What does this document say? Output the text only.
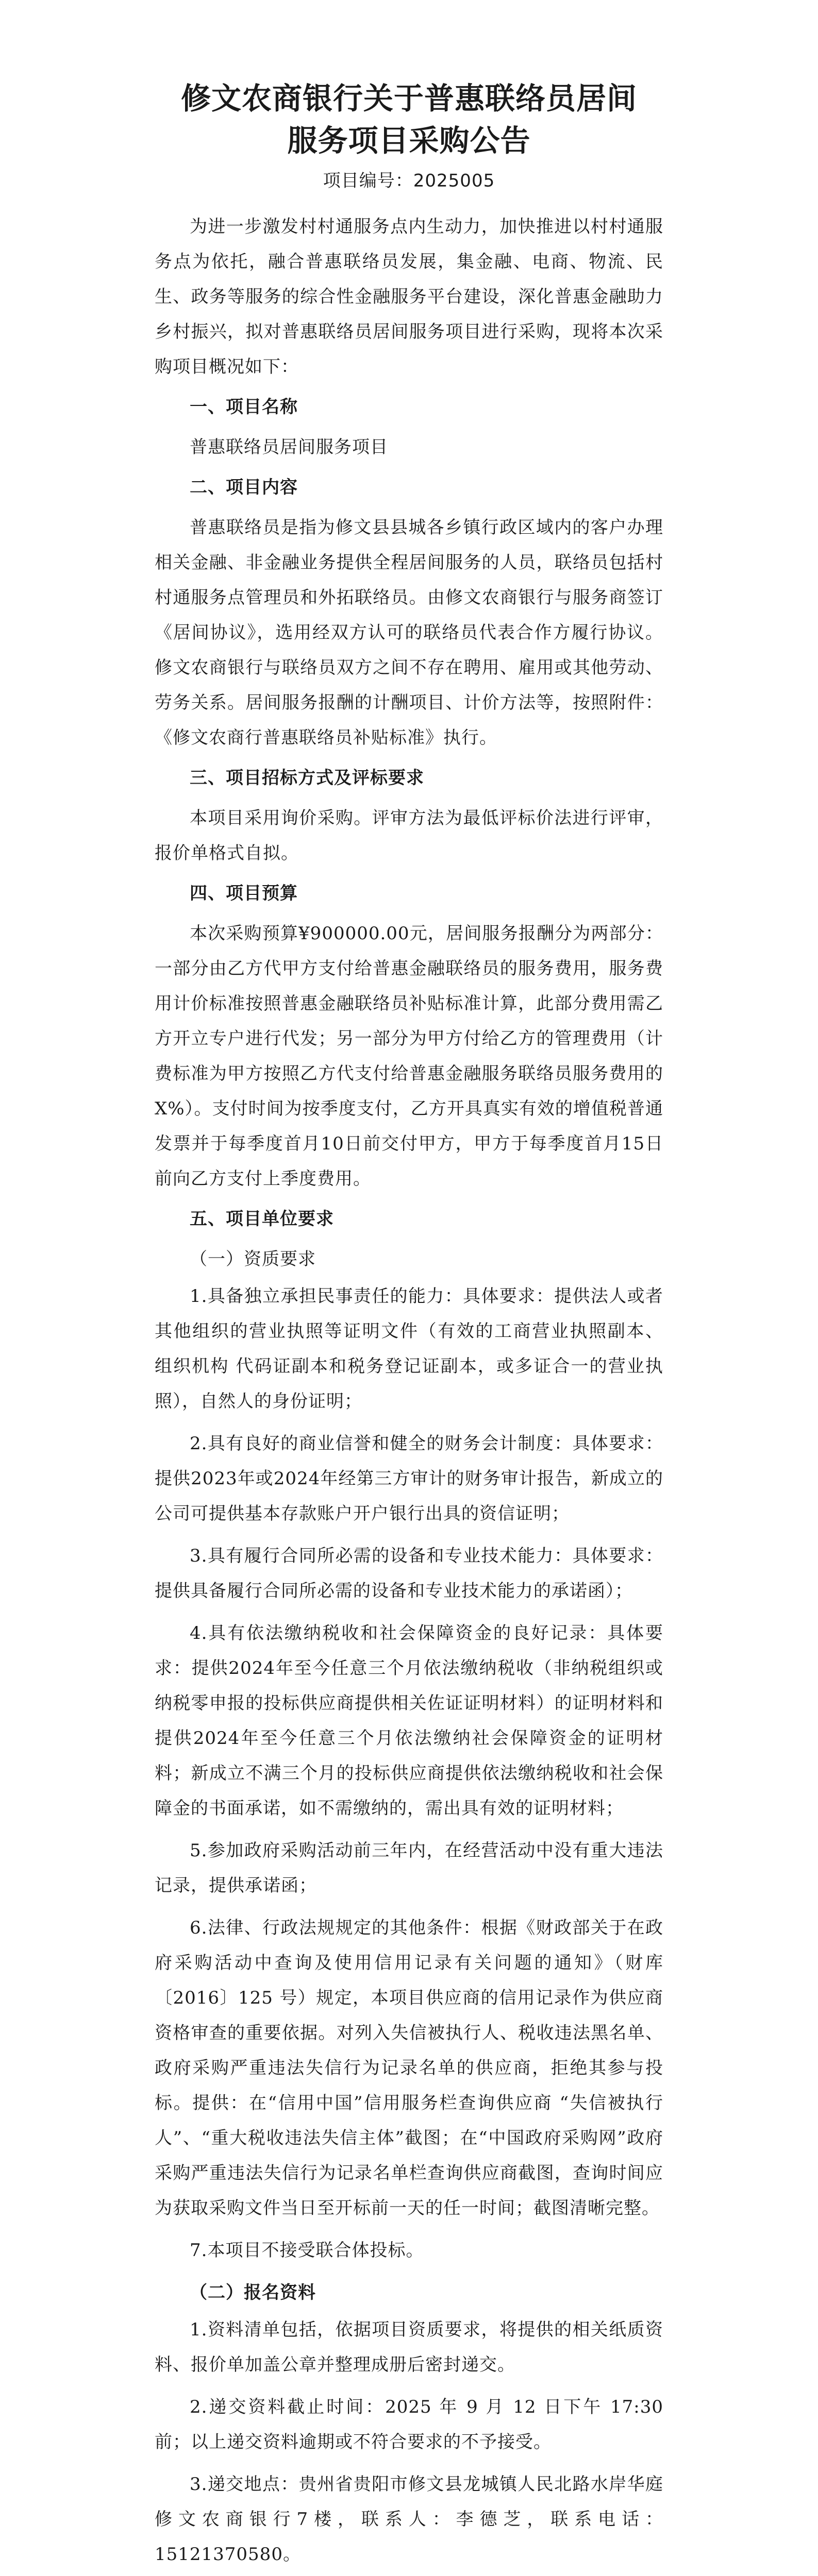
修文农商银行关于普惠联络员居间
服务项目采购公告
项目编号：2025005

为进一步激发村村通服务点内生动力，加快推进以村村通服务点为依托，融合普惠联络员发展，集金融、电商、物流、民生、政务等服务的综合性金融服务平台建设，深化普惠金融助力乡村振兴，拟对普惠联络员居间服务项目进行采购，现将本次采购项目概况如下：

一、项目名称

普惠联络员居间服务项目

二、项目内容

普惠联络员是指为修文县县城各乡镇行政区域内的客户办理相关金融、非金融业务提供全程居间服务的人员，联络员包括村村通服务点管理员和外拓联络员。由修文农商银行与服务商签订《居间协议》，选用经双方认可的联络员代表合作方履行协议。修文农商银行与联络员双方之间不存在聘用、雇用或其他劳动、劳务关系。居间服务报酬的计酬项目、计价方法等，按照附件：《修文农商行普惠联络员补贴标准》执行。

三、项目招标方式及评标要求

本项目采用询价采购。评审方法为最低评标价法进行评审，报价单格式自拟。

四、项目预算

本次采购预算¥900000.00元，居间服务报酬分为两部分：一部分由乙方代甲方支付给普惠金融联络员的服务费用，服务费用计价标准按照普惠金融联络员补贴标准计算，此部分费用需乙方开立专户进行代发；另一部分为甲方付给乙方的管理费用（计费标准为甲方按照乙方代支付给普惠金融服务联络员服务费用的X%）。支付时间为按季度支付，乙方开具真实有效的增值税普通发票并于每季度首月10日前交付甲方，甲方于每季度首月15日前向乙方支付上季度费用。

五、项目单位要求
（一）资质要求

1.具备独立承担民事责任的能力：具体要求：提供法人或者其他组织的营业执照等证明文件（有效的工商营业执照副本、 组织机构 代码证副本和税务登记证副本，或多证合一的营业执照），自然人的身份证明；

2.具有良好的商业信誉和健全的财务会计制度：具体要求：提供2023年或2024年经第三方审计的财务审计报告，新成立的公司可提供基本存款账户开户银行出具的资信证明；

3.具有履行合同所必需的设备和专业技术能力：具体要求：提供具备履行合同所必需的设备和专业技术能力的承诺函）；

4.具有依法缴纳税收和社会保障资金的良好记录：具体要求：提供2024年至今任意三个月依法缴纳税收（非纳税组织或纳税零申报的投标供应商提供相关佐证证明材料）的证明材料和提供2024年至今任意三个月依法缴纳社会保障资金的证明材料；新成立不满三个月的投标供应商提供依法缴纳税收和社会保障金的书面承诺，如不需缴纳的，需出具有效的证明材料；

5.参加政府采购活动前三年内，在经营活动中没有重大违法记录，提供承诺函；

6.法律、行政法规规定的其他条件：根据《财政部关于在政府采购活动中查询及使用信用记录有关问题的通知》（财库〔2016〕125 号）规定，本项目供应商的信用记录作为供应商资格审查的重要依据。对列入失信被执行人、税收违法黑名单、政府采购严重违法失信行为记录名单的供应商，拒绝其参与投标。提供：在“信用中国”信用服务栏查询供应商 “失信被执行人”、“重大税收违法失信主体”截图；在“中国政府采购网”政府采购严重违法失信行为记录名单栏查询供应商截图，查询时间应为获取采购文件当日至开标前一天的任一时间；截图清晰完整。

7.本项目不接受联合体投标。

（二）报名资料

1.资料清单包括，依据项目资质要求，将提供的相关纸质资料、报价单加盖公章并整理成册后密封递交。

2.递交资料截止时间：2025 年 9 月 12 日下午 17:30 前；以上递交资料逾期或不符合要求的不予接受。

3.递交地点：贵州省贵阳市修文县龙城镇人民北路水岸华庭修文农商银行7楼，联系人：李德芝，联系电话：15121370580。
